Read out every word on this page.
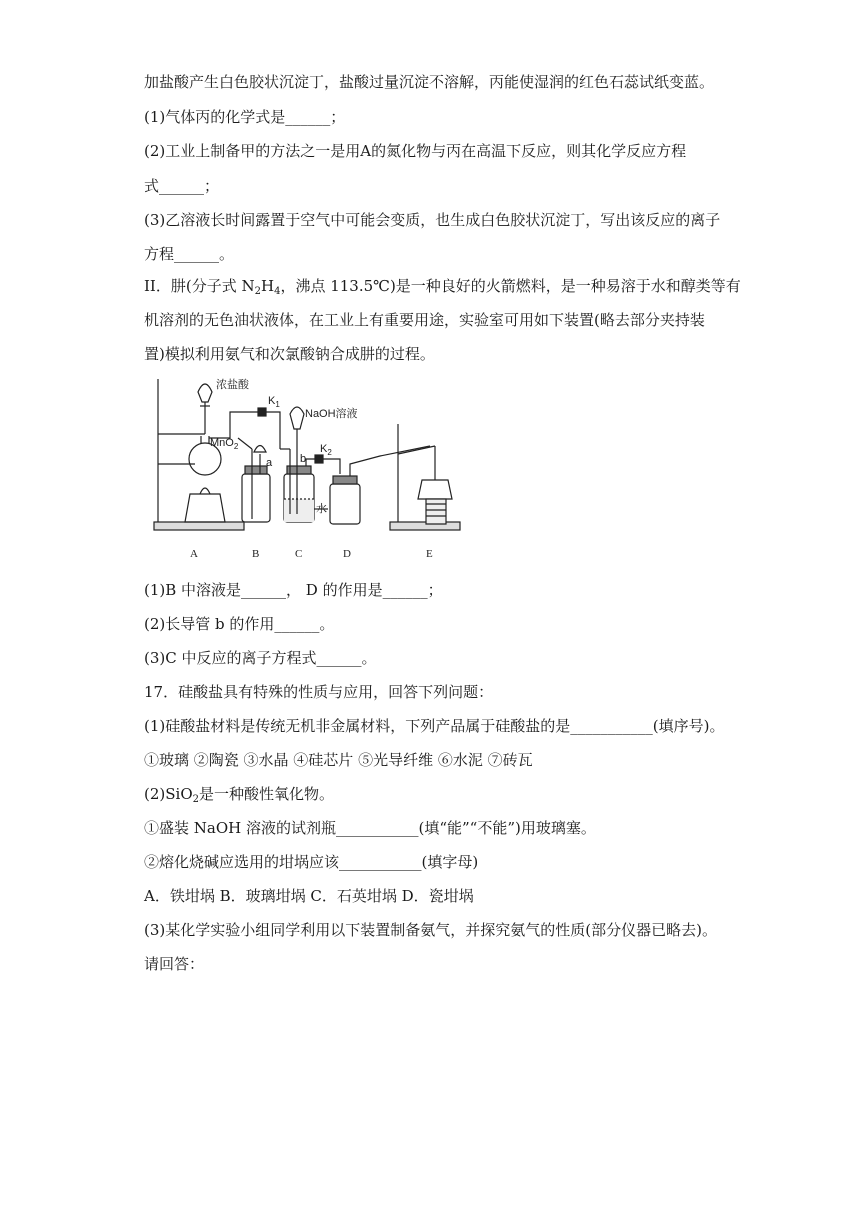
加盐酸产生白色胶状沉淀丁，盐酸过量沉淀不溶解，丙能使湿润的红色石蕊试纸变蓝。
(1)气体丙的化学式是______；
(2)工业上制备甲的方法之一是用A的氮化物与丙在高温下反应，则其化学反应方程
式______；
(3)乙溶液长时间露置于空气中可能会变质，也生成白色胶状沉淀丁，写出该反应的离子
方程______。
II．肼(分子式 $N_2H_4$，沸点 113.5℃)是一种良好的火箭燃料，是一种易溶于水和醇类等有
机溶剂的无色油状液体，在工业上有重要用途，实验室可用如下装置(略去部分夹持装
置)模拟利用氨气和次氯酸钠合成肼的过程。
浓盐酸
MnO$_2$
$K_1$
NaOH溶液
$K_2$
a	b
水
A	B	C	D	E
(1)B 中溶液是______， D 的作用是______；
(2)长导管 b 的作用______。
(3)C 中反应的离子方程式______。
17．硅酸盐具有特殊的性质与应用，回答下列问题：
(1)硅酸盐材料是传统无机非金属材料，下列产品属于硅酸盐的是___________(填序号)。
①玻璃 ②陶瓷 ③水晶 ④硅芯片 ⑤光导纤维 ⑥水泥 ⑦砖瓦
(2)SiO$_2$是一种酸性氧化物。
①盛装 NaOH 溶液的试剂瓶___________(填“能”“不能”)用玻璃塞。
②熔化烧碱应选用的坩埚应该___________(填字母)
A．铁坩埚 B．玻璃坩埚 C．石英坩埚 D．瓷坩埚
(3)某化学实验小组同学利用以下装置制备氨气，并探究氨气的性质(部分仪器已略去)。
请回答：
